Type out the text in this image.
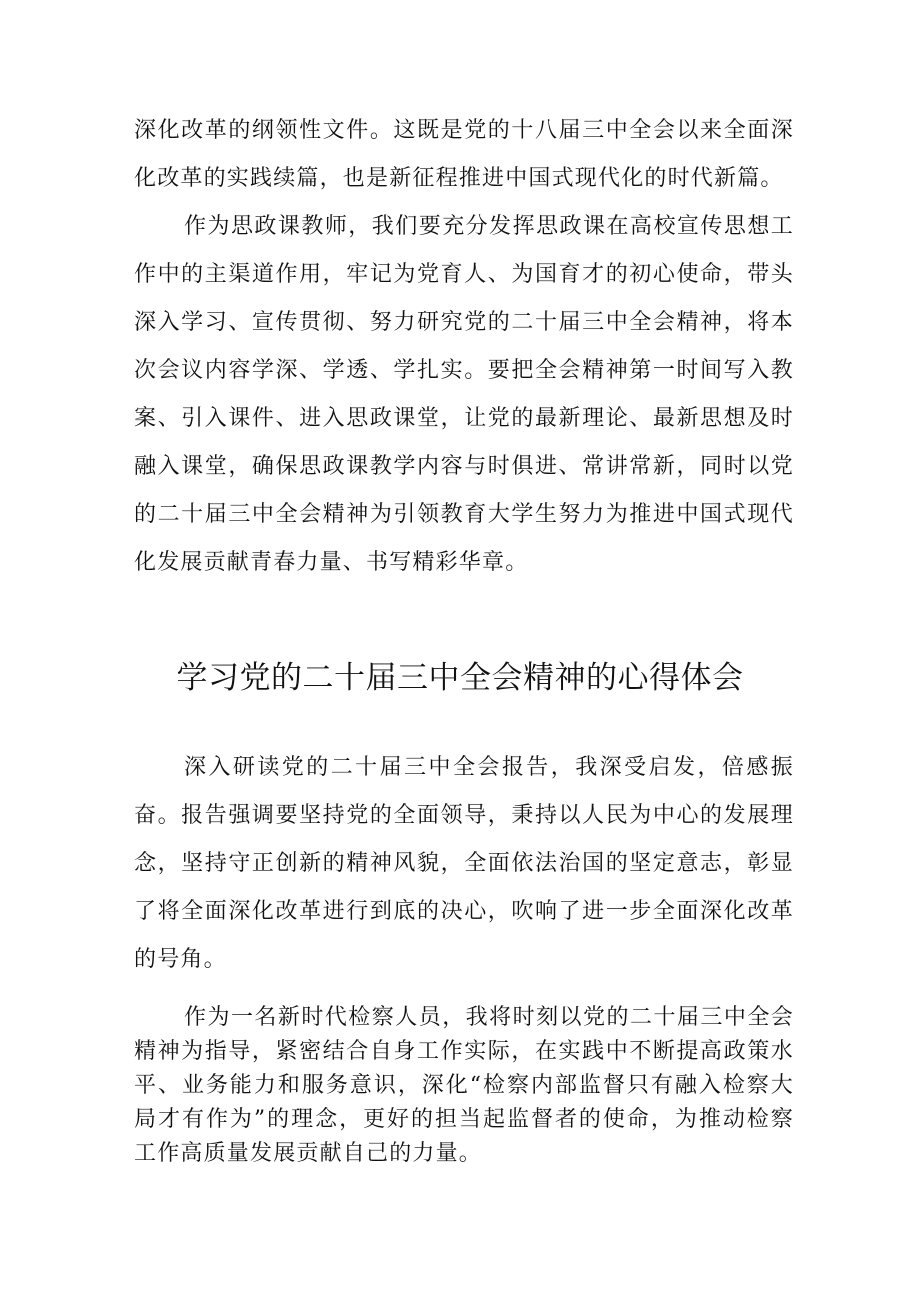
深化改革的纲领性文件。这既是党的十八届三中全会以来全面深化改革的实践续篇，也是新征程推进中国式现代化的时代新篇。

作为思政课教师，我们要充分发挥思政课在高校宣传思想工作中的主渠道作用，牢记为党育人、为国育才的初心使命，带头深入学习、宣传贯彻、努力研究党的二十届三中全会精神，将本次会议内容学深、学透、学扎实。要把全会精神第一时间写入教案、引入课件、进入思政课堂，让党的最新理论、最新思想及时融入课堂，确保思政课教学内容与时俱进、常讲常新，同时以党的二十届三中全会精神为引领教育大学生努力为推进中国式现代化发展贡献青春力量、书写精彩华章。

学习党的二十届三中全会精神的心得体会

深入研读党的二十届三中全会报告，我深受启发，倍感振奋。报告强调要坚持党的全面领导，秉持以人民为中心的发展理念，坚持守正创新的精神风貌，全面依法治国的坚定意志，彰显了将全面深化改革进行到底的决心，吹响了进一步全面深化改革的号角。

作为一名新时代检察人员，我将时刻以党的二十届三中全会精神为指导，紧密结合自身工作实际，在实践中不断提高政策水平、业务能力和服务意识，深化“检察内部监督只有融入检察大局才有作为”的理念，更好的担当起监督者的使命，为推动检察工作高质量发展贡献自己的力量。
